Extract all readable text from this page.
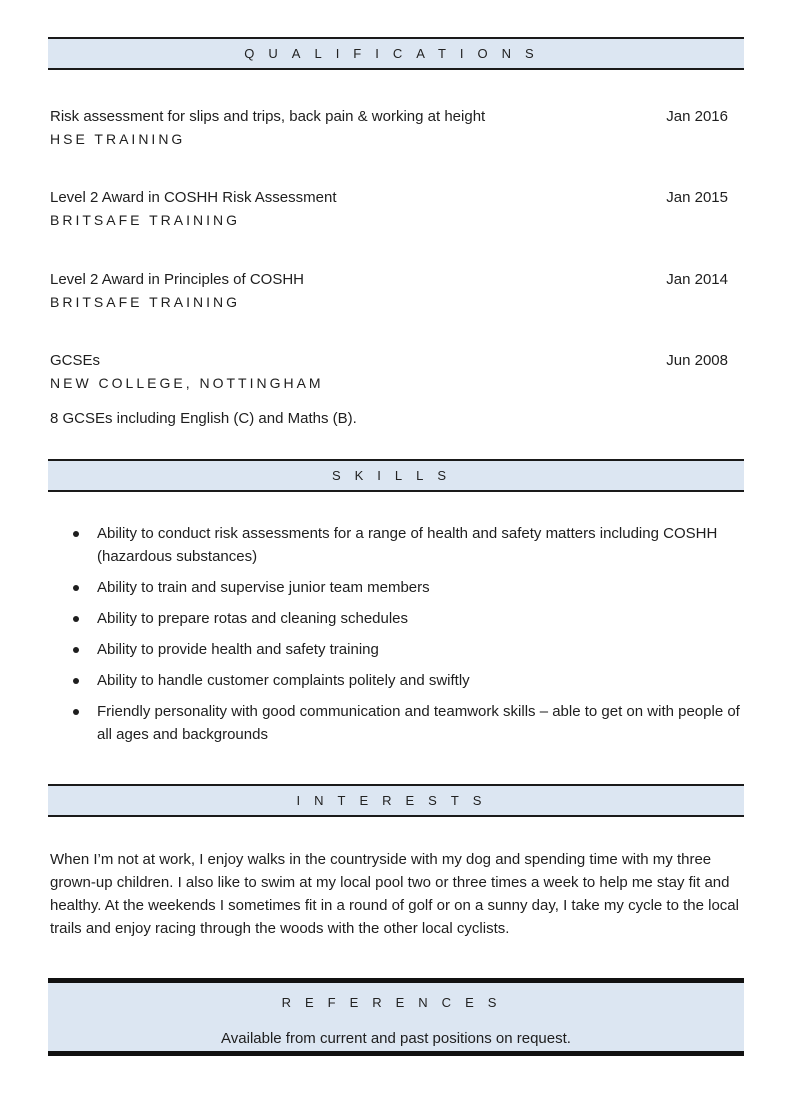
QUALIFICATIONS
Risk assessment for slips and trips, back pain & working at height	Jan 2016
HSE TRAINING
Level 2 Award in COSHH Risk Assessment	Jan 2015
BRITSAFE TRAINING
Level 2 Award in Principles of COSHH	Jan 2014
BRITSAFE TRAINING
GCSEs	Jun 2008
NEW COLLEGE, NOTTINGHAM
8 GCSEs including English (C) and Maths (B).
SKILLS
Ability to conduct risk assessments for a range of health and safety matters including COSHH (hazardous substances)
Ability to train and supervise junior team members
Ability to prepare rotas and cleaning schedules
Ability to provide health and safety training
Ability to handle customer complaints politely and swiftly
Friendly personality with good communication and teamwork skills – able to get on with people of all ages and backgrounds
INTERESTS
When I’m not at work, I enjoy walks in the countryside with my dog and spending time with my three grown-up children. I also like to swim at my local pool two or three times a week to help me stay fit and healthy. At the weekends I sometimes fit in a round of golf or on a sunny day, I take my cycle to the local trails and enjoy racing through the woods with the other local cyclists.
REFERENCES
Available from current and past positions on request.
